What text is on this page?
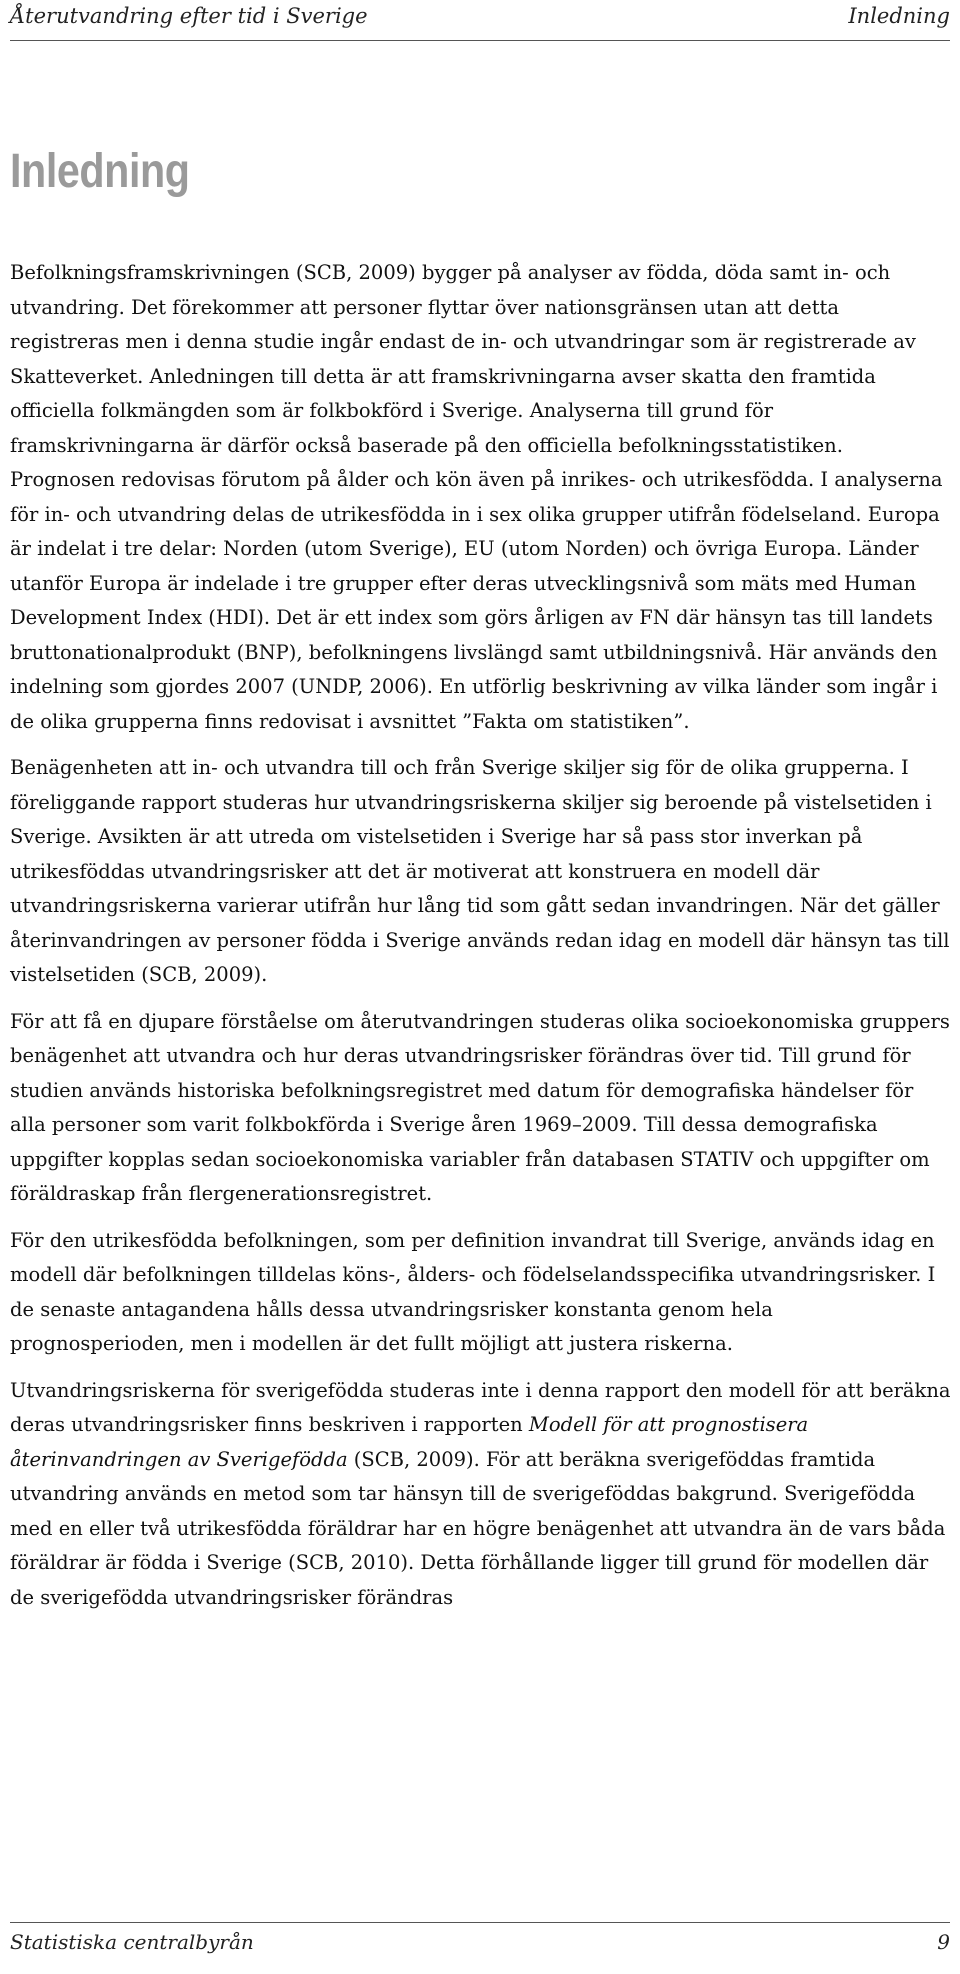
Återutvandring efter tid i Sverige	Inledning
Inledning

Befolkningsframskrivningen (SCB, 2009) bygger på analyser av födda, döda samt in- och utvandring. Det förekommer att personer flyttar över nationsgränsen utan att detta registreras men i denna studie ingår endast de in- och utvandringar som är registrerade av Skatteverket. Anledningen till detta är att framskrivningarna avser skatta den framtida officiella folkmängden som är folkbokförd i Sverige. Analyserna till grund för framskrivningarna är därför också baserade på den officiella befolkningsstatistiken. Prognosen redovisas förutom på ålder och kön även på inrikes- och utrikesfödda. I analyserna för in- och utvandring delas de utrikesfödda in i sex olika grupper utifrån födelseland. Europa är indelat i tre delar: Norden (utom Sverige), EU (utom Norden) och övriga Europa. Länder utanför Europa är indelade i tre grupper efter deras utvecklingsnivå som mäts med Human Development Index (HDI). Det är ett index som görs årligen av FN där hänsyn tas till landets bruttonationalprodukt (BNP), befolkningens livslängd samt utbildningsnivå. Här används den indelning som gjordes 2007 (UNDP, 2006). En utförlig beskrivning av vilka länder som ingår i de olika grupperna finns redovisat i avsnittet ”Fakta om statistiken”.

Benägenheten att in- och utvandra till och från Sverige skiljer sig för de olika grupperna. I föreliggande rapport studeras hur utvandringsriskerna skiljer sig beroende på vistelsetiden i Sverige. Avsikten är att utreda om vistelsetiden i Sverige har så pass stor inverkan på utrikesföddas utvandringsrisker att det är motiverat att konstruera en modell där utvandringsriskerna varierar utifrån hur lång tid som gått sedan invandringen. När det gäller återinvandringen av personer födda i Sverige används redan idag en modell där hänsyn tas till vistelsetiden (SCB, 2009).

För att få en djupare förståelse om återutvandringen studeras olika socioekonomiska gruppers benägenhet att utvandra och hur deras utvandringsrisker förändras över tid. Till grund för studien används historiska befolkningsregistret med datum för demografiska händelser för alla personer som varit folkbokförda i Sverige åren 1969–2009. Till dessa demografiska uppgifter kopplas sedan socioekonomiska variabler från databasen STATIV och uppgifter om föräldraskap från flergenerationsregistret.

För den utrikesfödda befolkningen, som per definition invandrat till Sverige, används idag en modell där befolkningen tilldelas köns-, ålders- och födelselandsspecifika utvandringsrisker. I de senaste antagandena hålls dessa utvandringsrisker konstanta genom hela prognosperioden, men i modellen är det fullt möjligt att justera riskerna.

Utvandringsriskerna för sverigefödda studeras inte i denna rapport den modell för att beräkna deras utvandringsrisker finns beskriven i rapporten Modell för att prognostisera återinvandringen av Sverigefödda (SCB, 2009). För att beräkna sverigeföddas framtida utvandring används en metod som tar hänsyn till de sverigeföddas bakgrund. Sverigefödda med en eller två utrikesfödda föräldrar har en högre benägenhet att utvandra än de vars båda föräldrar är födda i Sverige (SCB, 2010). Detta förhållande ligger till grund för modellen där de sverigefödda utvandringsrisker förändras

Statistiska centralbyrån	9
